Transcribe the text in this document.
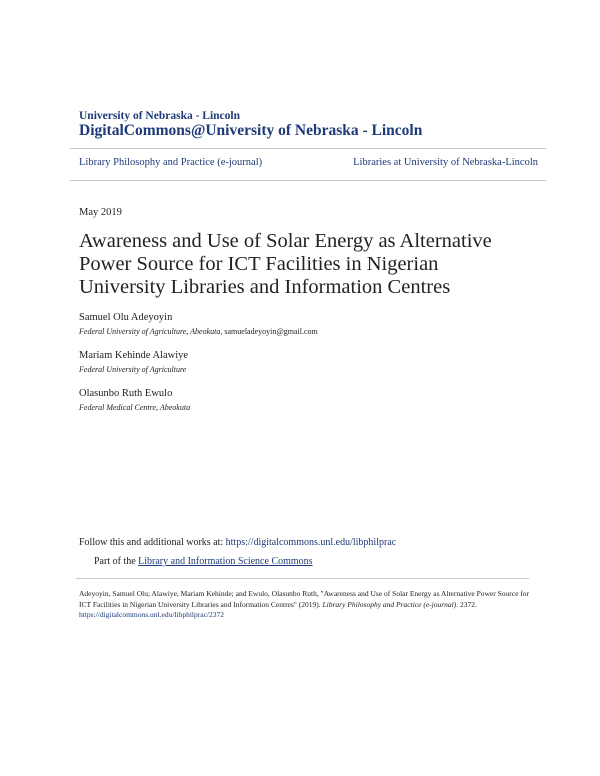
University of Nebraska - Lincoln
DigitalCommons@University of Nebraska - Lincoln
Library Philosophy and Practice (e-journal)	Libraries at University of Nebraska-Lincoln
May 2019
Awareness and Use of Solar Energy as Alternative Power Source for ICT Facilities in Nigerian University Libraries and Information Centres
Samuel Olu Adeyoyin
Federal University of Agriculture, Abeokuta, samueladeyoyin@gmail.com
Mariam Kehinde Alawiye
Federal University of Agriculture
Olasunbo Ruth Ewulo
Federal Medical Centre, Abeokuta
Follow this and additional works at: https://digitalcommons.unl.edu/libphilprac
Part of the Library and Information Science Commons
Adeyoyin, Samuel Olu; Alawiye, Mariam Kehinde; and Ewulo, Olasunbo Ruth, "Awareness and Use of Solar Energy as Alternative Power Source for ICT Facilities in Nigerian University Libraries and Information Centres" (2019). Library Philosophy and Practice (e-journal). 2372.
https://digitalcommons.unl.edu/libphilprac/2372
